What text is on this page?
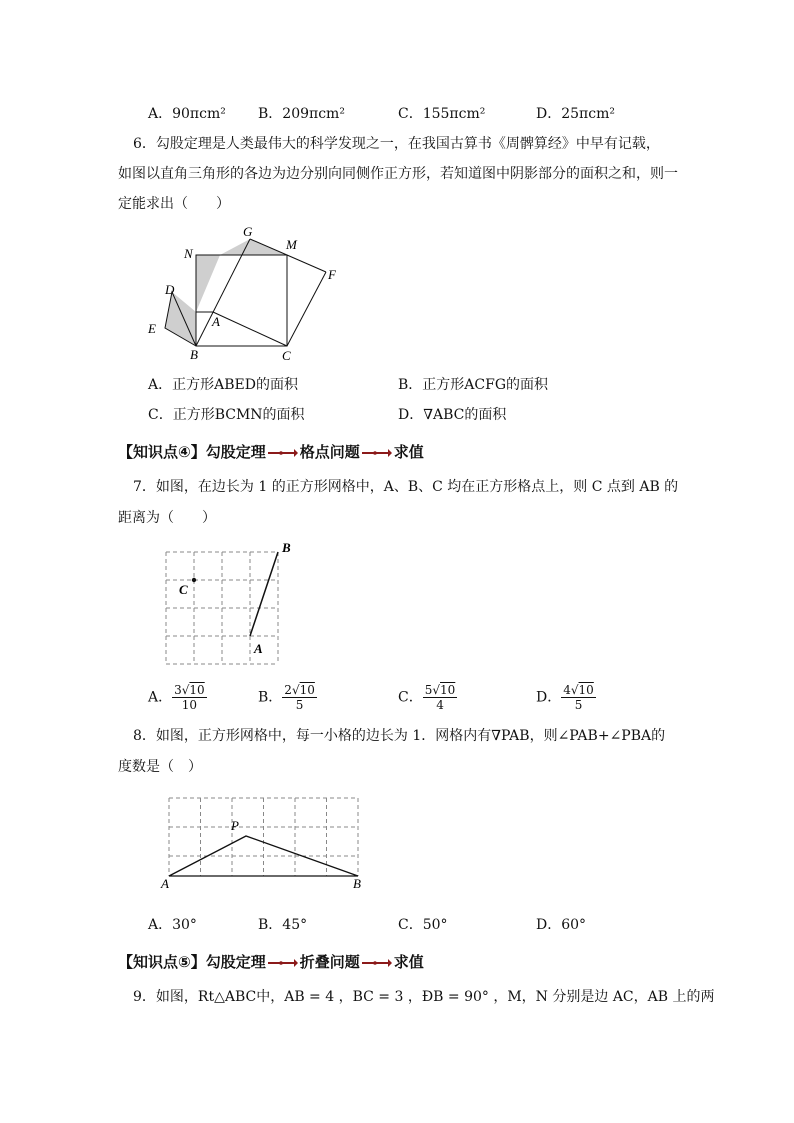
A．90πcm² B．209πcm²	C．155πcm²	D．25πcm²
6．勾股定理是人类最伟大的科学发现之一，在我国古算书《周髀算经》中早有记载，
如图以直角三角形的各边为边分别向同侧作正方形，若知道图中阴影部分的面积之和，则一
定能求出（　　）
G
M
N
F
D
A
E
B	C
A．正方形ABED的面积	B．正方形ACFG的面积
C．正方形BCMN的面积	D．∇ABC的面积
【知识点④】勾股定理 格点问题 求值
7．如图，在边长为 1 的正方形网格中，A、B、C 均在正方形格点上，则 C 点到 AB 的
距离为（　　）
B
C
A
A． $\frac{3√10}{10}$	B． $\frac{2√10}{5}$	C． $\frac{5√10}{4}$	D． $\frac{4√10}{5}$
8．如图，正方形网格中，每一小格的边长为 1．网格内有∇PAB，则∠PAB+∠PBA的
度数是（　）
P
A	B
A．30°	B．45°	C．50°	D．60°
【知识点⑤】勾股定理 折叠问题 求值
9．如图，Rt△ABC中，AB = 4 ，BC = 3 ，ÐB = 90° ，M，N 分别是边 AC，AB 上的两
